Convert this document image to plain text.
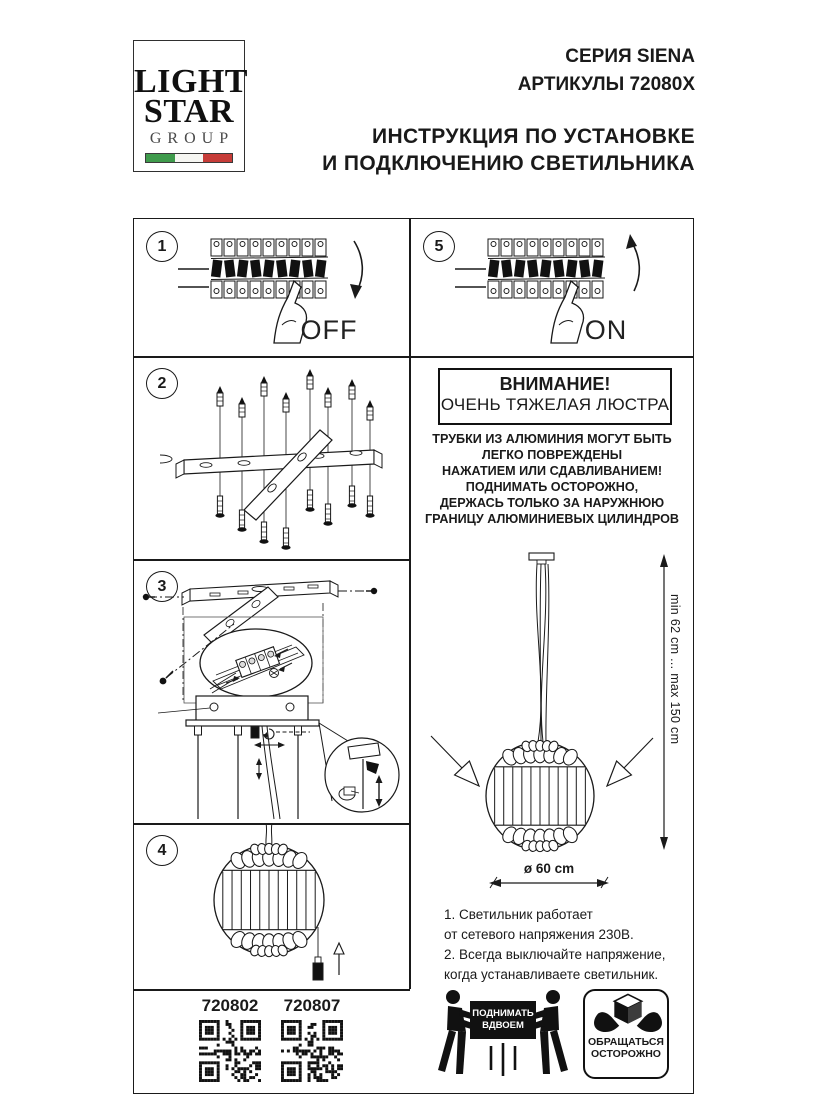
LIGHT
STAR
GROUP
СЕРИЯ SIENA
АРТИКУЛЫ 72080X
ИНСТРУКЦИЯ ПО УСТАНОВКЕ
И ПОДКЛЮЧЕНИЮ СВЕТИЛЬНИКА
1
OFF
5
ON
2
3
4
720802	720807
ВНИМАНИЕ!
ОЧЕНЬ ТЯЖЕЛАЯ ЛЮСТРА
ТРУБКИ ИЗ АЛЮМИНИЯ МОГУТ БЫТЬ
ЛЕГКО ПОВРЕЖДЕНЫ
НАЖАТИЕМ ИЛИ СДАВЛИВАНИЕМ!
ПОДНИМАТЬ ОСТОРОЖНО,
ДЕРЖАСЬ ТОЛЬКО ЗА НАРУЖНЮЮ
ГРАНИЦУ АЛЮМИНИЕВЫХ ЦИЛИНДРОВ
min 62 cm ... max 150 cm
ø 60 cm
1. Светильник работает
от сетевого напряжения 230В.
2. Всегда выключайте напряжение,
когда устанавливаете светильник.
ПОДНИМАТЬ
ВДВОЕМ
ОБРАЩАТЬСЯ
ОСТОРОЖНО
